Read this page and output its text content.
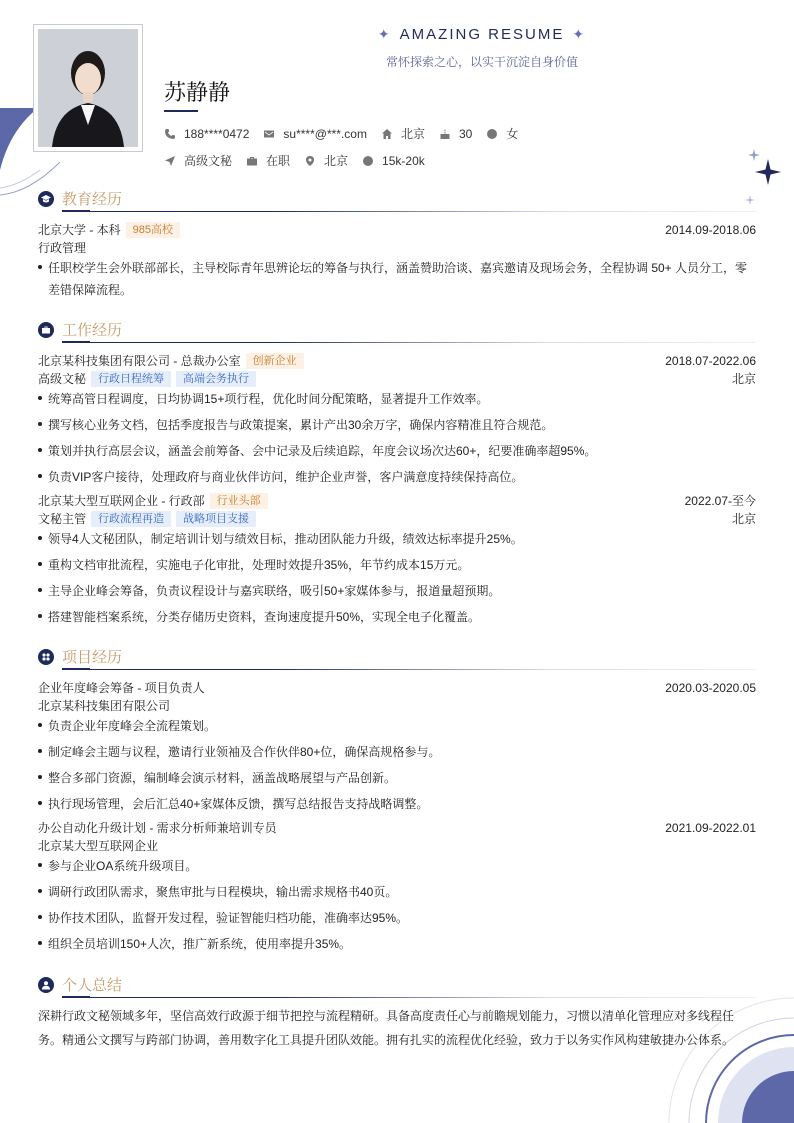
✦ AMAZING RESUME ✦
常怀探索之心，以实干沉淀自身价值
苏静静
188****0472	su****@***.com	北京	30	女
高级文秘	在职	北京	15k-20k
教育经历
北京大学 - 本科	985高校	2014.09-2018.06
行政管理
任职校学生会外联部部长，主导校际青年思辨论坛的筹备与执行，涵盖赞助洽谈、嘉宾邀请及现场会务，全程协调 50+ 人员分工，零差错保障流程。
工作经历
北京某科技集团有限公司 - 总裁办公室	创新企业	2018.07-2022.06
高级文秘	行政日程统筹	高端会务执行	北京
统筹高管日程调度，日均协调15+项行程，优化时间分配策略，显著提升工作效率。
撰写核心业务文档，包括季度报告与政策提案，累计产出30余万字，确保内容精准且符合规范。
策划并执行高层会议，涵盖会前筹备、会中记录及后续追踪，年度会议场次达60+，纪要准确率超95%。
负责VIP客户接待，处理政府与商业伙伴访问，维护企业声誉，客户满意度持续保持高位。
北京某大型互联网企业 - 行政部	行业头部	2022.07-至今
文秘主管	行政流程再造	战略项目支援	北京
领导4人文秘团队，制定培训计划与绩效目标，推动团队能力升级，绩效达标率提升25%。
重构文档审批流程，实施电子化审批，处理时效提升35%，年节约成本15万元。
主导企业峰会筹备，负责议程设计与嘉宾联络，吸引50+家媒体参与，报道量超预期。
搭建智能档案系统，分类存储历史资料，查询速度提升50%，实现全电子化覆盖。
项目经历
企业年度峰会筹备 - 项目负责人	2020.03-2020.05
北京某科技集团有限公司
负责企业年度峰会全流程策划。
制定峰会主题与议程，邀请行业领袖及合作伙伴80+位，确保高规格参与。
整合多部门资源，编制峰会演示材料，涵盖战略展望与产品创新。
执行现场管理，会后汇总40+家媒体反馈，撰写总结报告支持战略调整。
办公自动化升级计划 - 需求分析师兼培训专员	2021.09-2022.01
北京某大型互联网企业
参与企业OA系统升级项目。
调研行政团队需求，聚焦审批与日程模块，输出需求规格书40页。
协作技术团队，监督开发过程，验证智能归档功能，准确率达95%。
组织全员培训150+人次，推广新系统，使用率提升35%。
个人总结
深耕行政文秘领域多年，坚信高效行政源于细节把控与流程精研。具备高度责任心与前瞻规划能力，习惯以清单化管理应对多线程任务。精通公文撰写与跨部门协调，善用数字化工具提升团队效能。拥有扎实的流程优化经验，致力于以务实作风构建敏捷办公体系。
